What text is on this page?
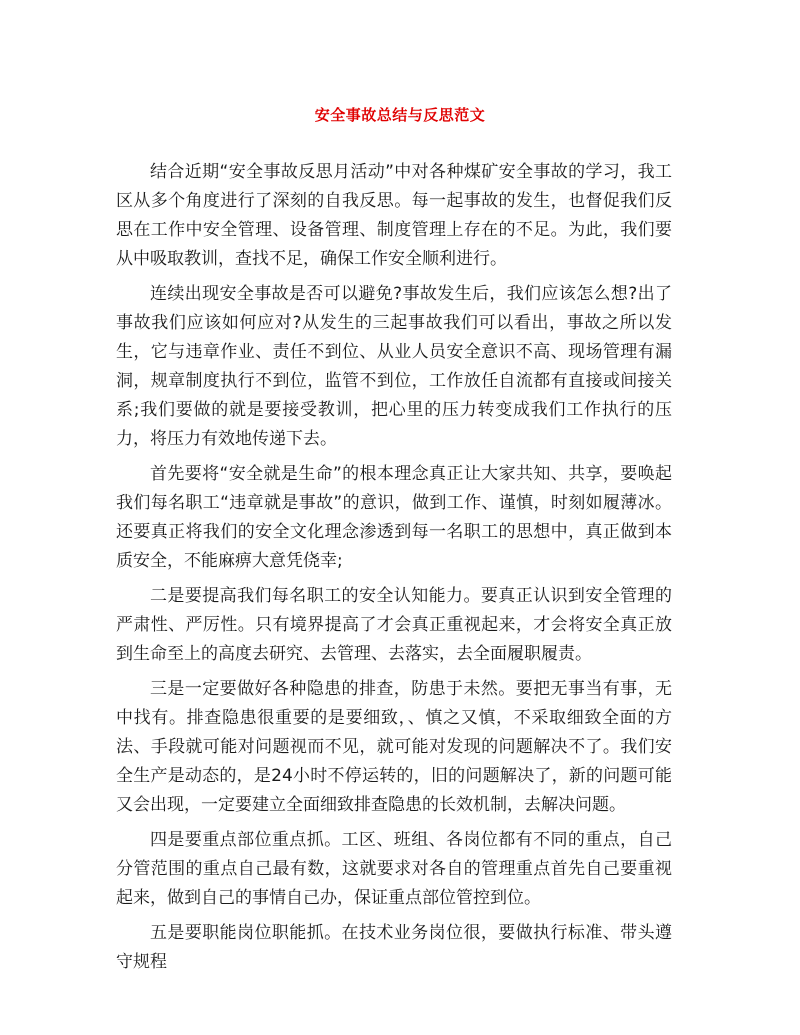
安全事故总结与反思范文

结合近期“安全事故反思月活动”中对各种煤矿安全事故的学习，我工区从多个角度进行了深刻的自我反思。每一起事故的发生，也督促我们反思在工作中安全管理、设备管理、制度管理上存在的不足。为此，我们要从中吸取教训，查找不足，确保工作安全顺利进行。

连续出现安全事故是否可以避免?事故发生后，我们应该怎么想?出了事故我们应该如何应对?从发生的三起事故我们可以看出，事故之所以发生，它与违章作业、责任不到位、从业人员安全意识不高、现场管理有漏洞，规章制度执行不到位，监管不到位，工作放任自流都有直接或间接关系;我们要做的就是要接受教训，把心里的压力转变成我们工作执行的压力，将压力有效地传递下去。

首先要将“安全就是生命”的根本理念真正让大家共知、共享，要唤起我们每名职工“违章就是事故”的意识，做到工作、谨慎，时刻如履薄冰。还要真正将我们的安全文化理念渗透到每一名职工的思想中，真正做到本质安全，不能麻痹大意凭侥幸;

二是要提高我们每名职工的安全认知能力。要真正认识到安全管理的严肃性、严厉性。只有境界提高了才会真正重视起来，才会将安全真正放到生命至上的高度去研究、去管理、去落实，去全面履职履责。

三是一定要做好各种隐患的排查，防患于未然。要把无事当有事，无中找有。排查隐患很重要的是要细致，、慎之又慎，不采取细致全面的方法、手段就可能对问题视而不见，就可能对发现的问题解决不了。我们安全生产是动态的，是24小时不停运转的，旧的问题解决了，新的问题可能又会出现，一定要建立全面细致排查隐患的长效机制，去解决问题。

四是要重点部位重点抓。工区、班组、各岗位都有不同的重点，自己分管范围的重点自己最有数，这就要求对各自的管理重点首先自己要重视起来，做到自己的事情自己办，保证重点部位管控到位。

五是要职能岗位职能抓。在技术业务岗位很，要做执行标准、带头遵守规程
